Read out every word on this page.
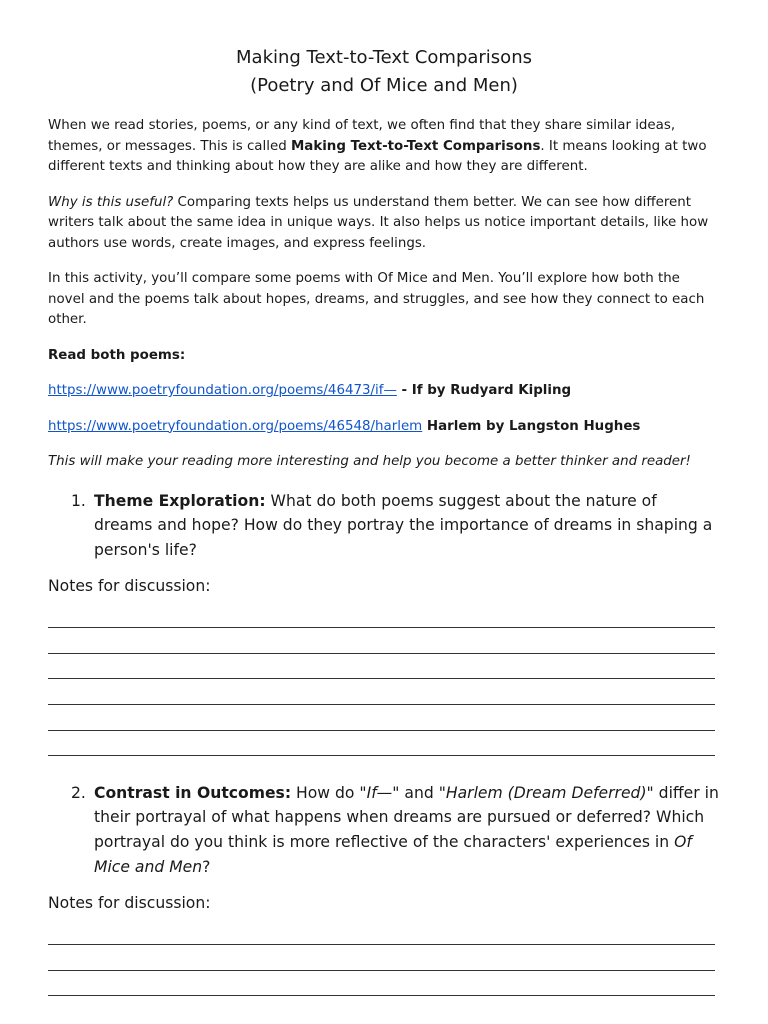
Making Text-to-Text Comparisons

(Poetry and Of Mice and Men)

When we read stories, poems, or any kind of text, we often find that they share similar ideas, themes, or messages. This is called Making Text-to-Text Comparisons. It means looking at two different texts and thinking about how they are alike and how they are different.

Why is this useful? Comparing texts helps us understand them better. We can see how different writers talk about the same idea in unique ways. It also helps us notice important details, like how authors use words, create images, and express feelings.

In this activity, you’ll compare some poems with Of Mice and Men. You’ll explore how both the novel and the poems talk about hopes, dreams, and struggles, and see how they connect to each other.

Read both poems:

https://www.poetryfoundation.org/poems/46473/if— - If by Rudyard Kipling

https://www.poetryfoundation.org/poems/46548/harlem Harlem by Langston Hughes

This will make your reading more interesting and help you become a better thinker and reader!

1. Theme Exploration: What do both poems suggest about the nature of dreams and hope? How do they portray the importance of dreams in shaping a person's life?

Notes for discussion:

2. Contrast in Outcomes: How do "If—" and "Harlem (Dream Deferred)" differ in their portrayal of what happens when dreams are pursued or deferred? Which portrayal do you think is more reflective of the characters' experiences in Of Mice and Men?

Notes for discussion:
